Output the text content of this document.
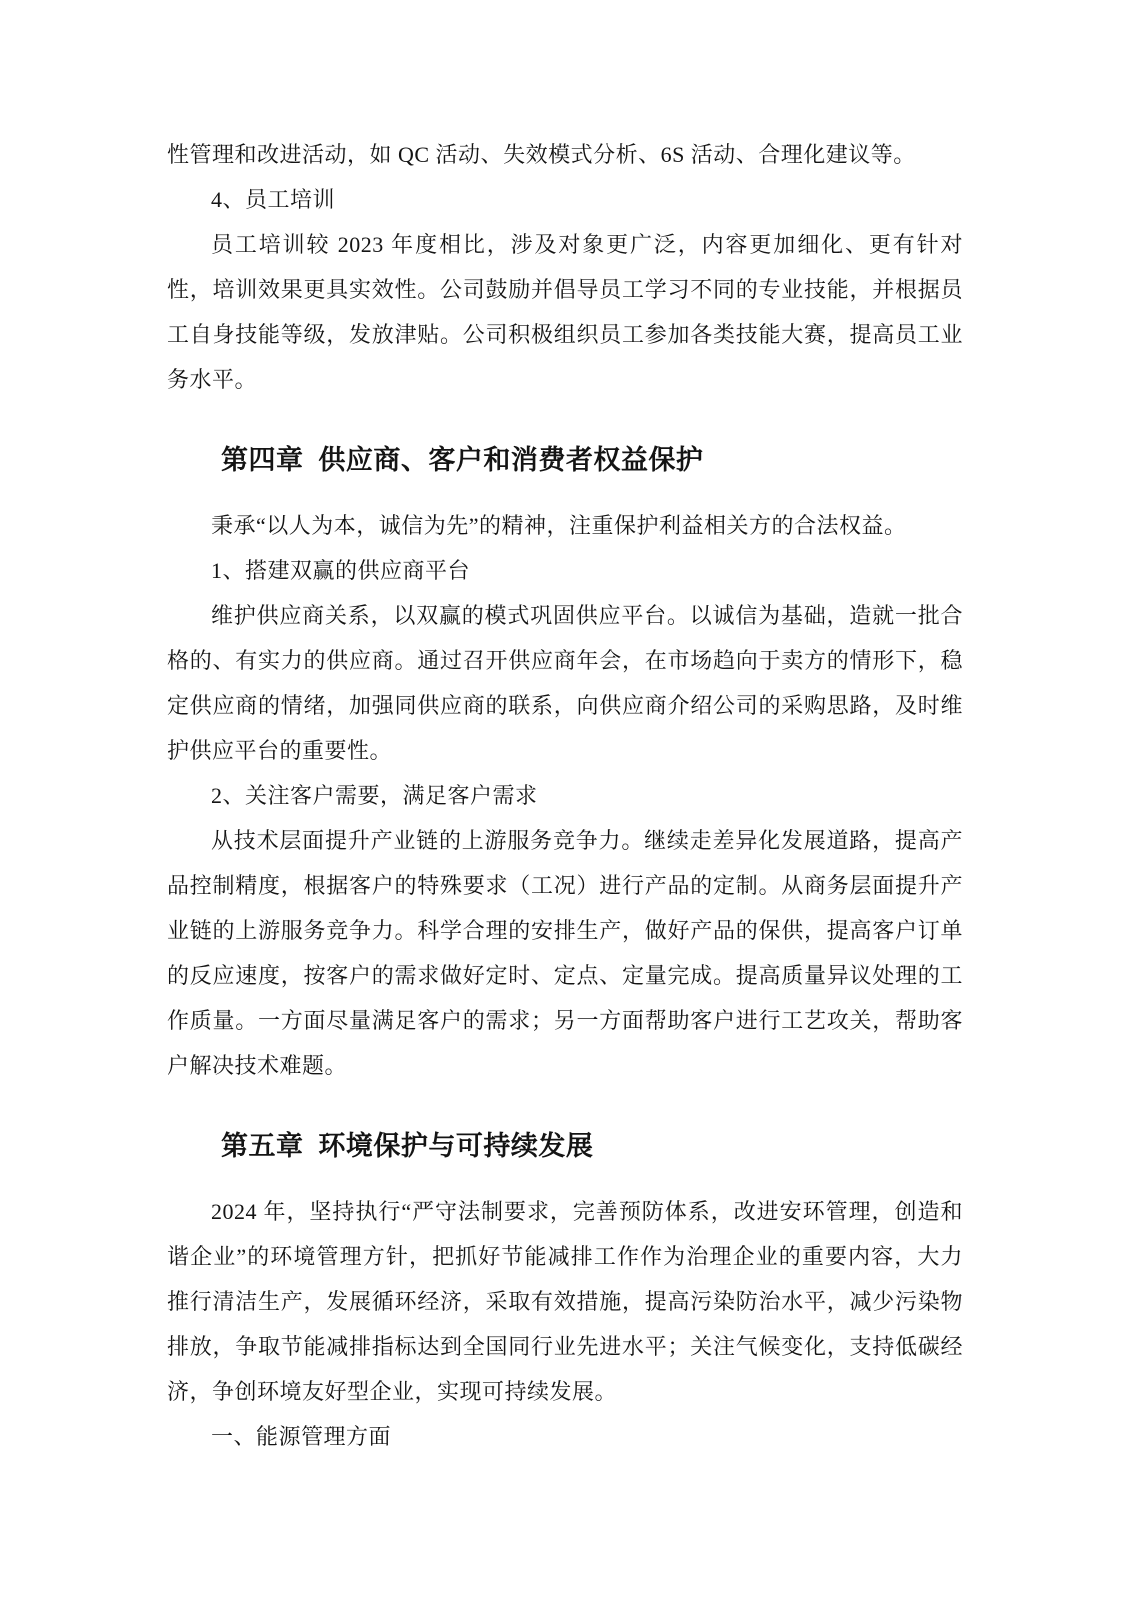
性管理和改进活动，如 QC 活动、失效模式分析、6S 活动、合理化建议等。

4、员工培训

员工培训较 2023 年度相比，涉及对象更广泛，内容更加细化、更有针对性，培训效果更具实效性。公司鼓励并倡导员工学习不同的专业技能，并根据员工自身技能等级，发放津贴。公司积极组织员工参加各类技能大赛，提高员工业务水平。

第四章 供应商、客户和消费者权益保护

秉承“以人为本，诚信为先”的精神，注重保护利益相关方的合法权益。

1、搭建双赢的供应商平台

维护供应商关系，以双赢的模式巩固供应平台。以诚信为基础，造就一批合格的、有实力的供应商。通过召开供应商年会，在市场趋向于卖方的情形下，稳定供应商的情绪，加强同供应商的联系，向供应商介绍公司的采购思路，及时维护供应平台的重要性。

2、关注客户需要，满足客户需求

从技术层面提升产业链的上游服务竞争力。继续走差异化发展道路，提高产品控制精度，根据客户的特殊要求（工况）进行产品的定制。从商务层面提升产业链的上游服务竞争力。科学合理的安排生产，做好产品的保供，提高客户订单的反应速度，按客户的需求做好定时、定点、定量完成。提高质量异议处理的工作质量。一方面尽量满足客户的需求；另一方面帮助客户进行工艺攻关，帮助客户解决技术难题。

第五章 环境保护与可持续发展

2024 年，坚持执行“严守法制要求，完善预防体系，改进安环管理，创造和谐企业”的环境管理方针，把抓好节能减排工作作为治理企业的重要内容，大力推行清洁生产，发展循环经济，采取有效措施，提高污染防治水平，减少污染物排放，争取节能减排指标达到全国同行业先进水平；关注气候变化，支持低碳经济，争创环境友好型企业，实现可持续发展。

一、能源管理方面
